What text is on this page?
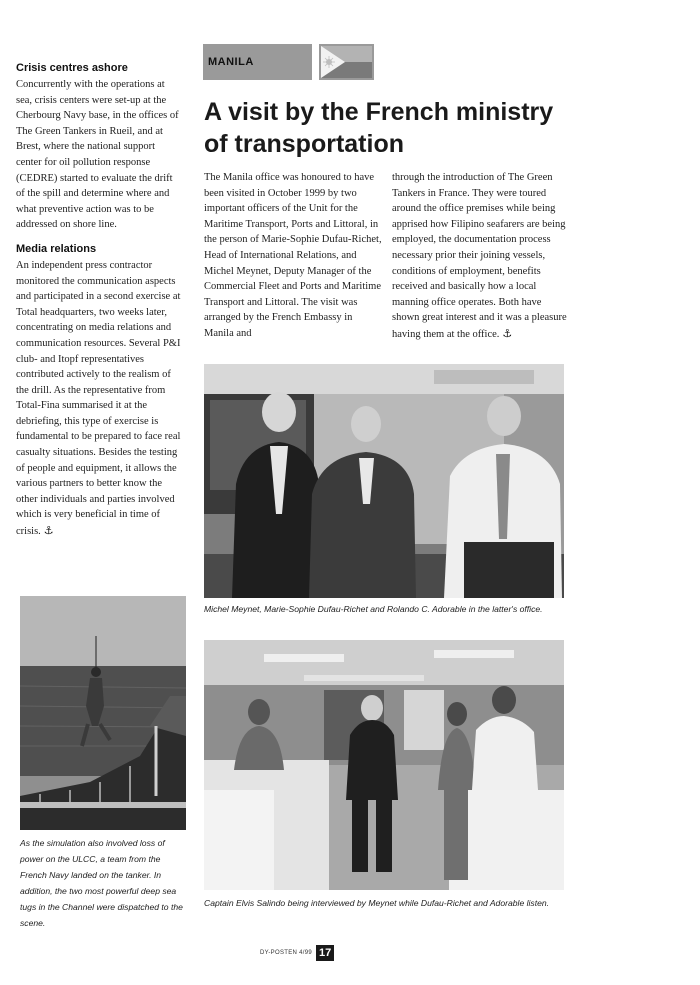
Crisis centres ashore

Concurrently with the operations at sea, crisis centers were set-up at the Cherbourg Navy base, in the offices of The Green Tankers in Rueil, and at Brest, where the national support center for oil pollution response (CEDRE) started to evaluate the drift of the spill and determine where and what preventive action was to be addressed on shore line.

Media relations

An independent press contractor monitored the communication aspects and participated in a second exercise at Total headquarters, two weeks later, concentrating on media relations and communication resources. Several P&I club- and Itopf representatives contributed actively to the realism of the drill. As the representative from Total-Fina summarised it at the debriefing, this type of exercise is fundamental to be prepared to face real casualty situations. Besides the testing of people and equipment, it allows the various partners to better know the other individuals and parties involved which is very beneficial in time of crisis. ⚓

MANILA
A visit by the French ministry of transportation

The Manila office was honoured to have been visited in October 1999 by two important officers of the Unit for the Maritime Transport, Ports and Littoral, in the person of Marie-Sophie Dufau-Richet, Head of International Relations, and Michel Meynet, Deputy Manager of the Commercial Fleet and Ports and Maritime Transport and Littoral. The visit was arranged by the French Embassy in Manila and

through the introduction of The Green Tankers in France. They were toured around the office premises while being apprised how Filipino seafarers are being employed, the documentation process necessary prior their joining vessels, conditions of employment, benefits received and basically how a local manning office operates. Both have shown great interest and it was a pleasure having them at the office. ⚓

Michel Meynet, Marie-Sophie Dufau-Richet and Rolando C. Adorable in the latter's office.

Captain Elvis Salindo being interviewed by Meynet while Dufau-Richet and Adorable listen.

As the simulation also involved loss of power on the ULCC, a team from the French Navy landed on the tanker. In addition, the two most powerful deep sea tugs in the Channel were dispatched to the scene.

DY-POSTEN 4/99 17
